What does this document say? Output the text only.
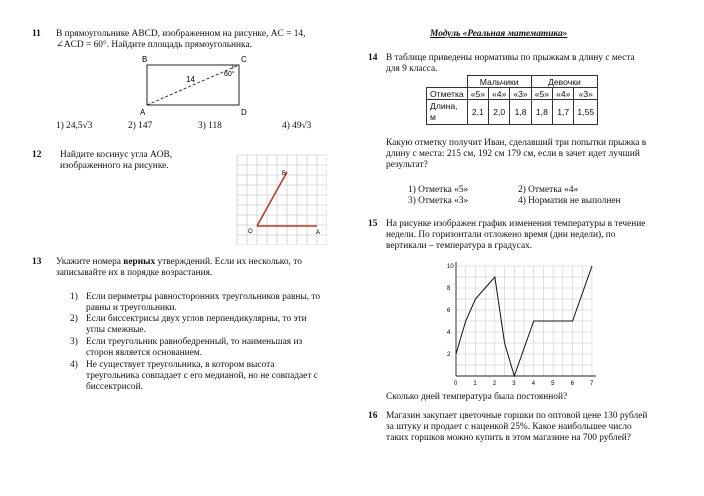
11 В прямоугольнике ABCD, изображенном на рисунке, AC = 14,
∠ACD = 60°. Найдите площадь прямоугольника.
B	C
A	D
14
60°
1) 24,5√3	2) 147	3) 118	4) 49√3
12 Найдите косинус угла AOB,
изображенного на рисунке.
B
O	A
13 Укажите номера верных утверждений. Если их несколько, то
записывайте их в порядке возрастания.
1) Если периметры равносторонних треугольников равны, то
равны и треугольники.
2) Если биссектрисы двух углов перпендикулярны, то эти
углы смежные.
3) Если треугольник равнобедренный, то наименьшая из
сторон является основанием.
4) Не существует треугольника, в котором высота
треугольника совпадает с его медианой, но не совпадает с
биссектрисой.
Модуль «Реальная математика»
14 В таблице приведены нормативы по прыжкам в длину с места
для 9 класса.
	Мальчики			Девочки		
Отметка	«5»	«4»	«3»	«5»	«4»	«3»
Длина,
м	2,1	2,0	1,8	1,8	1,7	1,55
Какую отметку получит Иван, сделавший три попытки прыжка в
длину с места: 215 см, 192 см 179 см, если в зачет идет лучший
результат?
1) Отметка «5»	2) Отметка «4»
3) Отметка «3»	4) Норматив не выполнен
15 На рисунке изображен график изменения температуры в течение
недели. По горизонтали отложено время (дни недели), по
вертикали – температура в градусах.
0	1	2	3	4	5	6	7
2
4
6
8
10
Сколько дней температура была постоянной?
16 Магазин закупает цветочные горшки по оптовой цене 130 рублей
за штуку и продает с наценкой 25%. Какое наибольшее число
таких горшков можно купить в этом магазине на 700 рублей?
